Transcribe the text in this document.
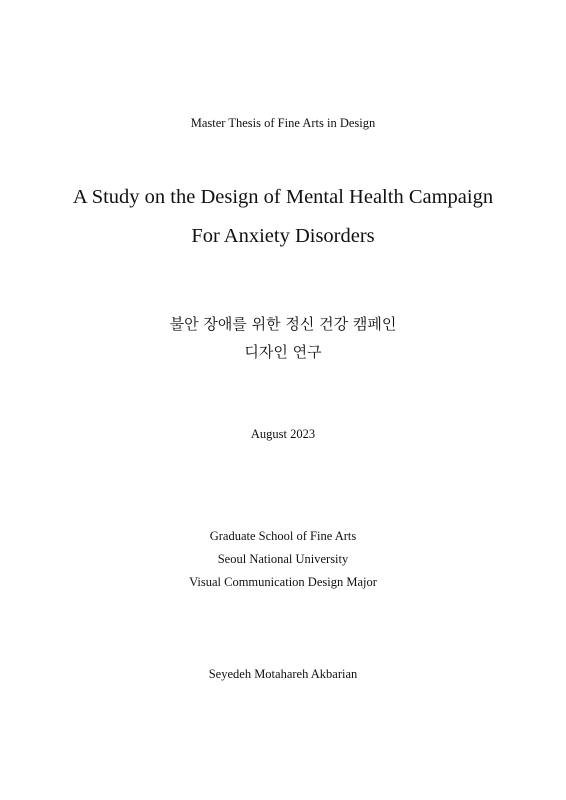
Master Thesis of Fine Arts in Design
A Study on the Design of Mental Health Campaign
For Anxiety Disorders
불안 장애를 위한 정신 건강 캠페인
디자인 연구
August 2023
Graduate School of Fine Arts
Seoul National University
Visual Communication Design Major
Seyedeh Motahareh Akbarian
